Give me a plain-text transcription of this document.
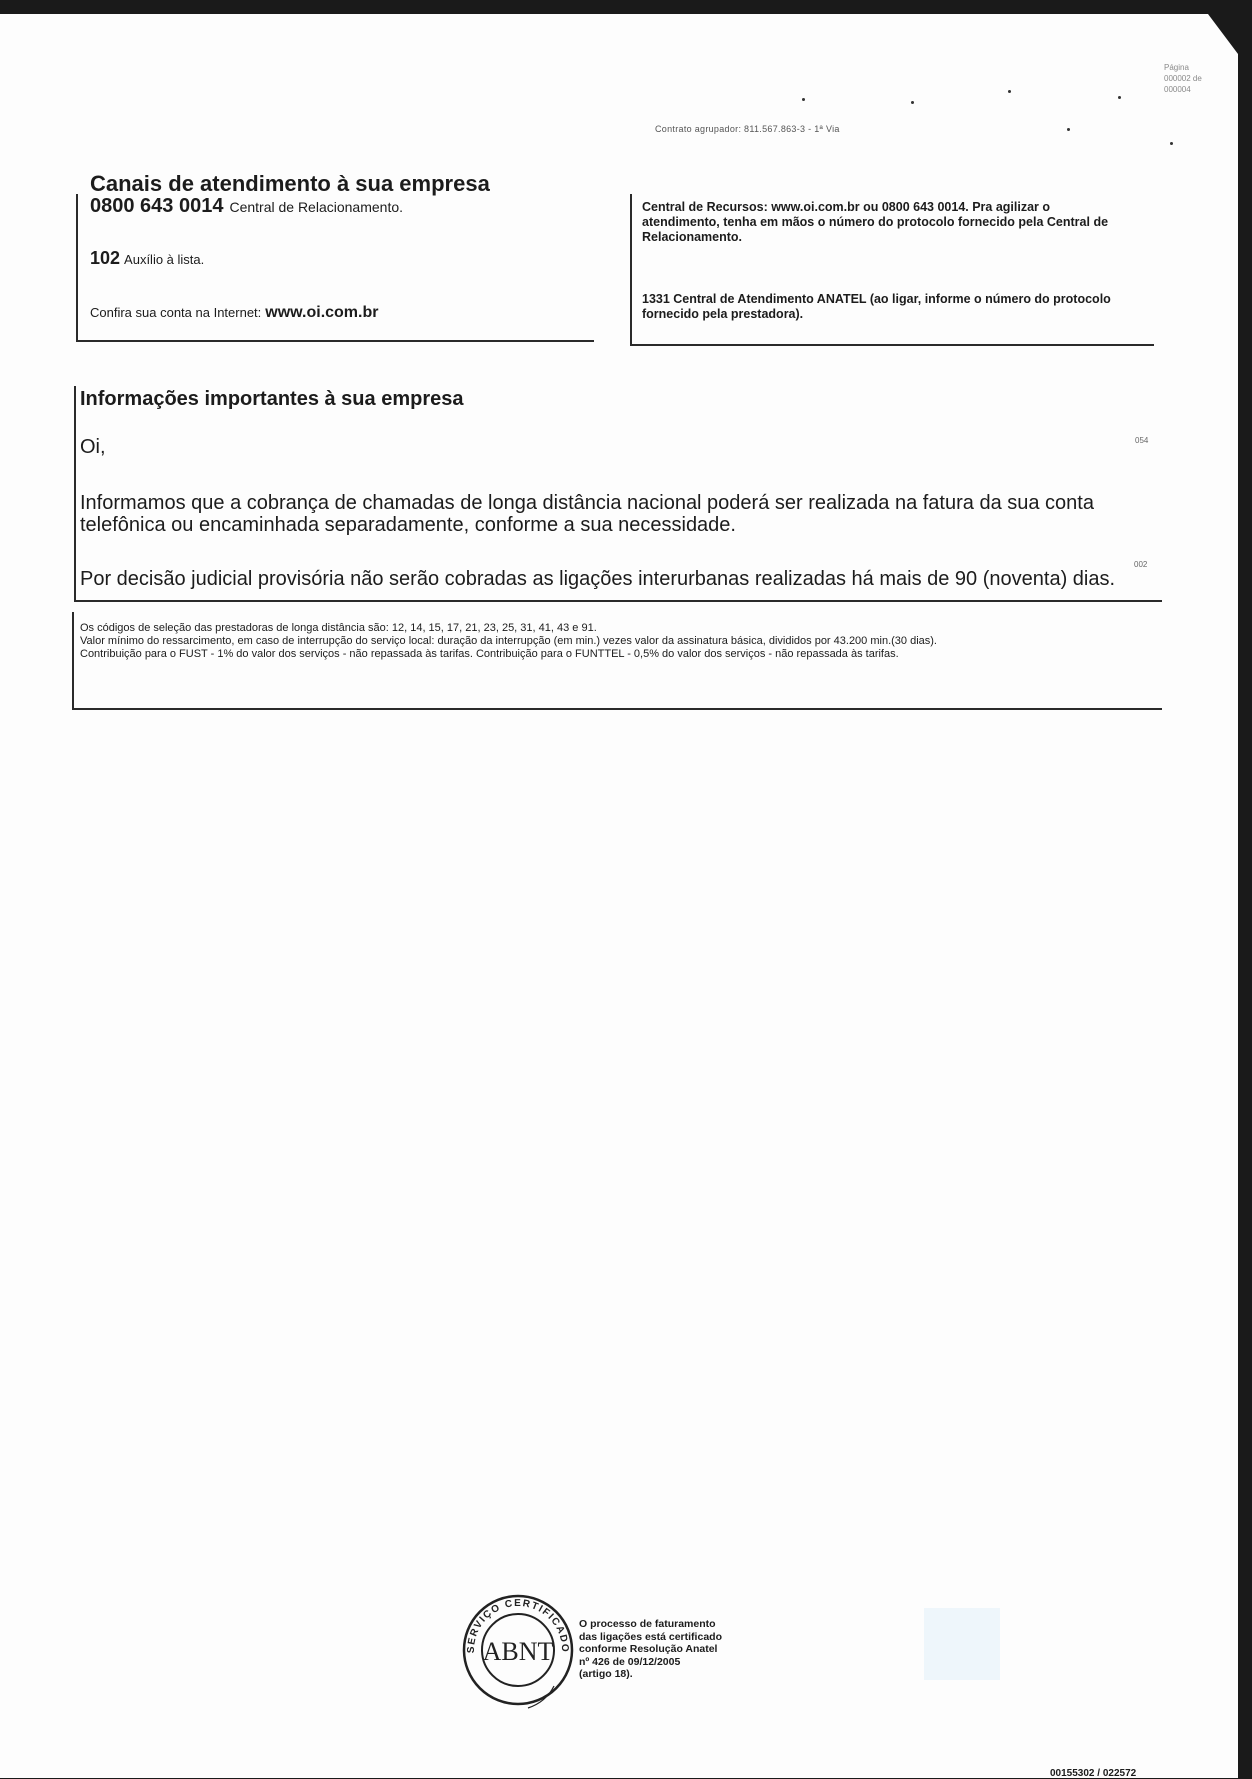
Página
000002 de
000004
Contrato agrupador: 811.567.863-3 - 1ª Via
Canais de atendimento à sua empresa
0800 643 0014 Central de Relacionamento.
102 Auxílio à lista.
Confira sua conta na Internet: www.oi.com.br
Central de Recursos: www.oi.com.br ou 0800 643 0014. Pra agilizar o atendimento, tenha em mãos o número do protocolo fornecido pela Central de Relacionamento.
1331 Central de Atendimento ANATEL (ao ligar, informe o número do protocolo fornecido pela prestadora).
Informações importantes à sua empresa
Oi,	054
Informamos que a cobrança de chamadas de longa distância nacional poderá ser realizada na fatura da sua conta telefônica ou encaminhada separadamente, conforme a sua necessidade.
002
Por decisão judicial provisória não serão cobradas as ligações interurbanas realizadas há mais de 90 (noventa) dias.
Os códigos de seleção das prestadoras de longa distância são: 12, 14, 15, 17, 21, 23, 25, 31, 41, 43 e 91.
Valor mínimo do ressarcimento, em caso de interrupção do serviço local: duração da interrupção (em min.) vezes valor da assinatura básica, divididos por 43.200 min.(30 dias).
Contribuição para o FUST - 1% do valor dos serviços - não repassada às tarifas. Contribuição para o FUNTTEL - 0,5% do valor dos serviços - não repassada às tarifas.
SERVIÇO CERTIFICADO
ABNT
O processo de faturamento
das ligações está certificado
conforme Resolução Anatel
nº 426 de 09/12/2005
(artigo 18).
00155302 / 022572
